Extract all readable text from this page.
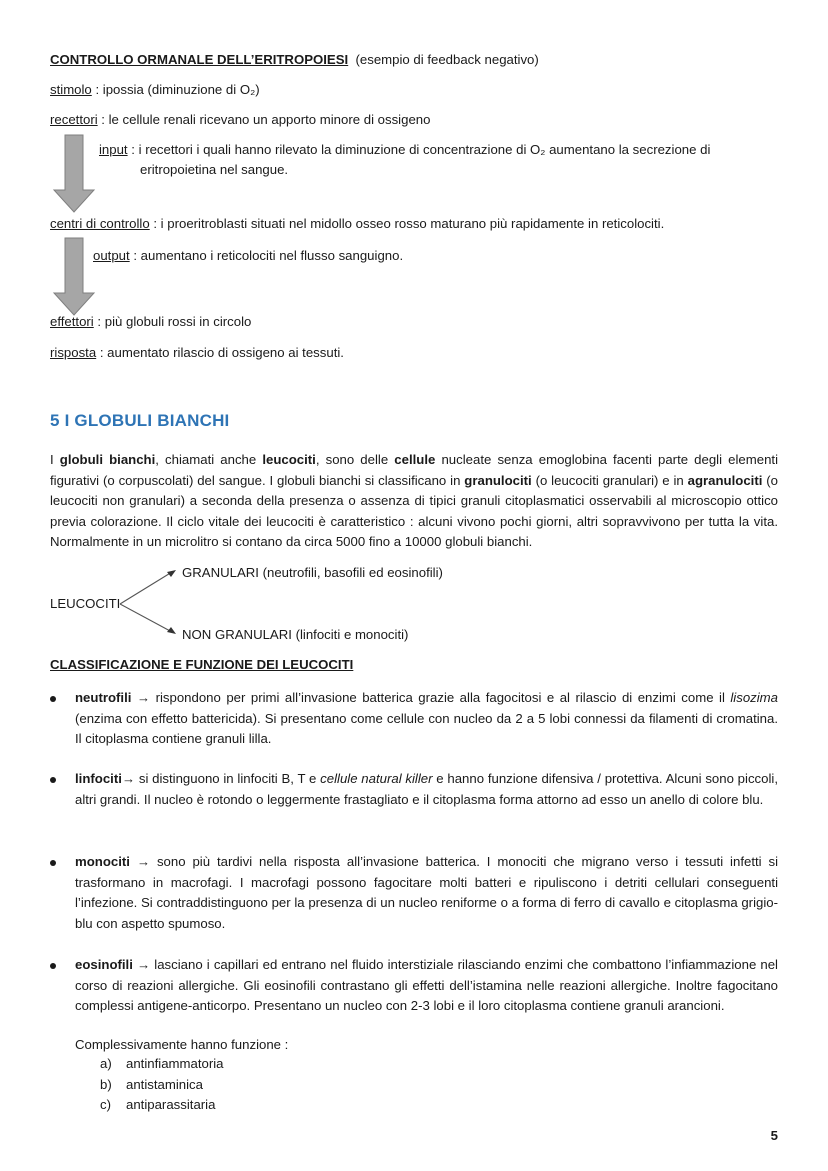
CONTROLLO ORMANALE DELL’ERITROPOIESI (esempio di feedback negativo)
stimolo : ipossia (diminuzione di O₂)
recettori : le cellule renali ricevano un apporto minore di ossigeno
input : i recettori i quali hanno rilevato la diminuzione di concentrazione di O₂ aumentano la secrezione di
eritropoietina nel sangue.
centri di controllo : i proeritroblasti situati nel midollo osseo rosso maturano più rapidamente in reticolociti.
output : aumentano i reticolociti nel flusso sanguigno.
effettori : più globuli rossi in circolo
risposta : aumentato rilascio di ossigeno ai tessuti.
5 I GLOBULI BIANCHI
I globuli bianchi, chiamati anche leucociti, sono delle cellule nucleate senza emoglobina facenti parte degli elementi figurativi (o corpuscolati) del sangue. I globuli bianchi si classificano in granulociti (o leucociti granulari) e in agranulociti (o leucociti non granulari) a seconda della presenza o assenza di tipici granuli citoplasmatici osservabili al microscopio ottico previa colorazione. Il ciclo vitale dei leucociti è caratteristico : alcuni vivono pochi giorni, altri sopravvivono per tutta la vita. Normalmente in un microlitro si contano da circa 5000 fino a 10000 globuli bianchi.
LEUCOCITI
GRANULARI (neutrofili, basofili ed eosinofili)
NON GRANULARI (linfociti e monociti)
CLASSIFICAZIONE E FUNZIONE DEI LEUCOCITI
neutrofili → rispondono per primi all’invasione batterica grazie alla fagocitosi e al rilascio di enzimi come il lisozima (enzima con effetto battericida). Si presentano come cellule con nucleo da 2 a 5 lobi connessi da filamenti di cromatina. Il citoplasma contiene granuli lilla.
linfociti→ si distinguono in linfociti B, T e cellule natural killer e hanno funzione difensiva / protettiva. Alcuni sono piccoli, altri grandi. Il nucleo è rotondo o leggermente frastagliato e il citoplasma forma attorno ad esso un anello di colore blu.
monociti → sono più tardivi nella risposta all’invasione batterica. I monociti che migrano verso i tessuti infetti si trasformano in macrofagi. I macrofagi possono fagocitare molti batteri e ripuliscono i detriti cellulari conseguenti l’infezione. Si contraddistinguono per la presenza di un nucleo reniforme o a forma di ferro di cavallo e citoplasma grigio-blu con aspetto spumoso.
eosinofili → lasciano i capillari ed entrano nel fluido interstiziale rilasciando enzimi che combattono l’infiammazione nel corso di reazioni allergiche. Gli eosinofili contrastano gli effetti dell’istamina nelle reazioni allergiche. Inoltre fagocitano complessi antigene-anticorpo. Presentano un nucleo con 2-3 lobi e il loro citoplasma contiene granuli arancioni.
Complessivamente hanno funzione :
a) antinfiammatoria
b) antistaminica
c) antiparassitaria
5
